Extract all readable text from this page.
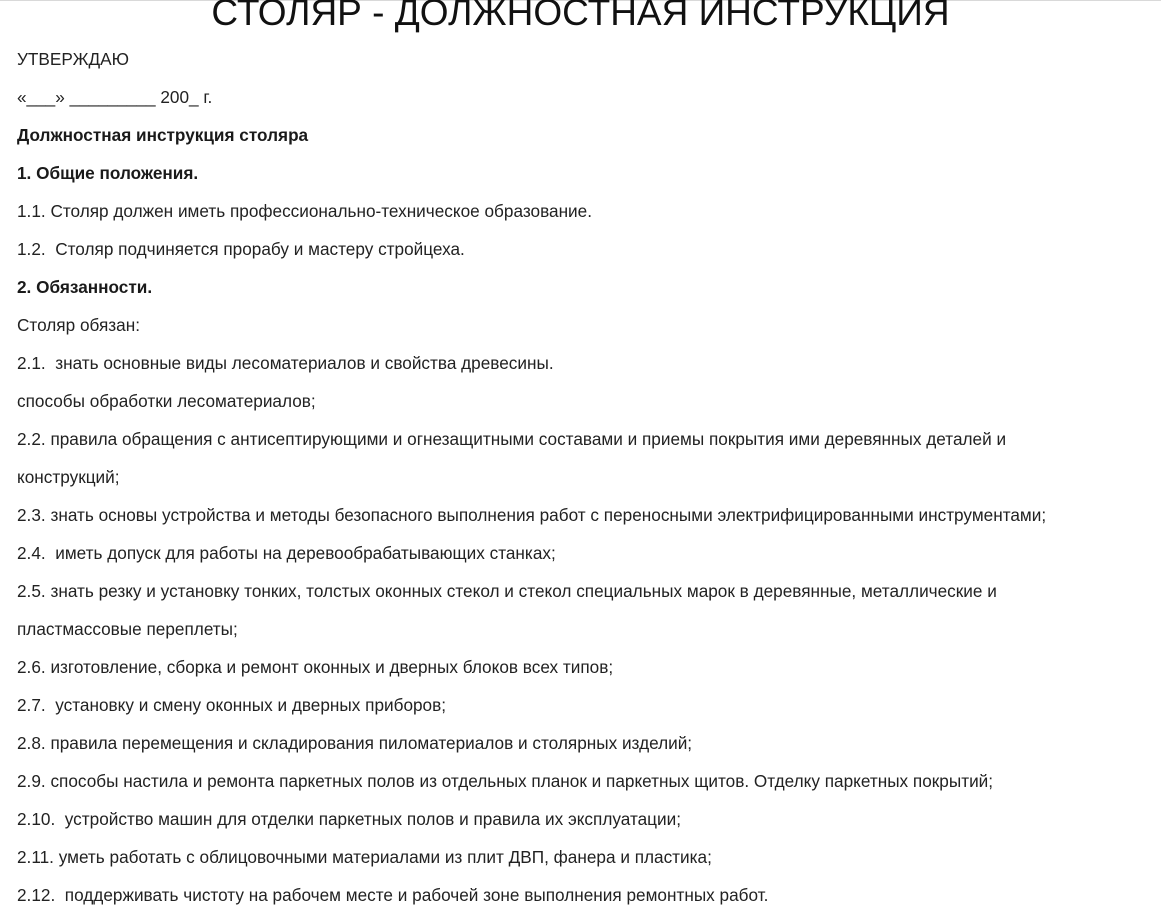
СТОЛЯР - ДОЛЖНОСТНАЯ ИНСТРУКЦИЯ

УТВЕРЖДАЮ

«___» _________ 200_ г.

Должностная инструкция столяра

1. Общие положения.

1.1. Столяр должен иметь профессионально-техническое образование.

1.2.  Столяр подчиняется прорабу и мастеру стройцеха.

2. Обязанности.

Столяр обязан:

2.1.  знать основные виды лесоматериалов и свойства древесины.

способы обработки лесоматериалов;

2.2. правила обращения с антисептирующими и огнезащитными составами и приемы покрытия ими деревянных деталей и

конструкций;

2.3. знать основы устройства и методы безопасного выполнения работ с переносными электрифицированными инструментами;

2.4.  иметь допуск для работы на деревообрабатывающих станках;

2.5. знать резку и установку тонких, толстых оконных стекол и стекол специальных марок в деревянные, металлические и

пластмассовые переплеты;

2.6. изготовление, сборка и ремонт оконных и дверных блоков всех типов;

2.7.  установку и смену оконных и дверных приборов;

2.8. правила перемещения и складирования пиломатериалов и столярных изделий;

2.9. способы настила и ремонта паркетных полов из отдельных планок и паркетных щитов. Отделку паркетных покрытий;

2.10.  устройство машин для отделки паркетных полов и правила их эксплуатации;

2.11. уметь работать с облицовочными материалами из плит ДВП, фанера и пластика;

2.12.  поддерживать чистоту на рабочем месте и рабочей зоне выполнения ремонтных работ.
